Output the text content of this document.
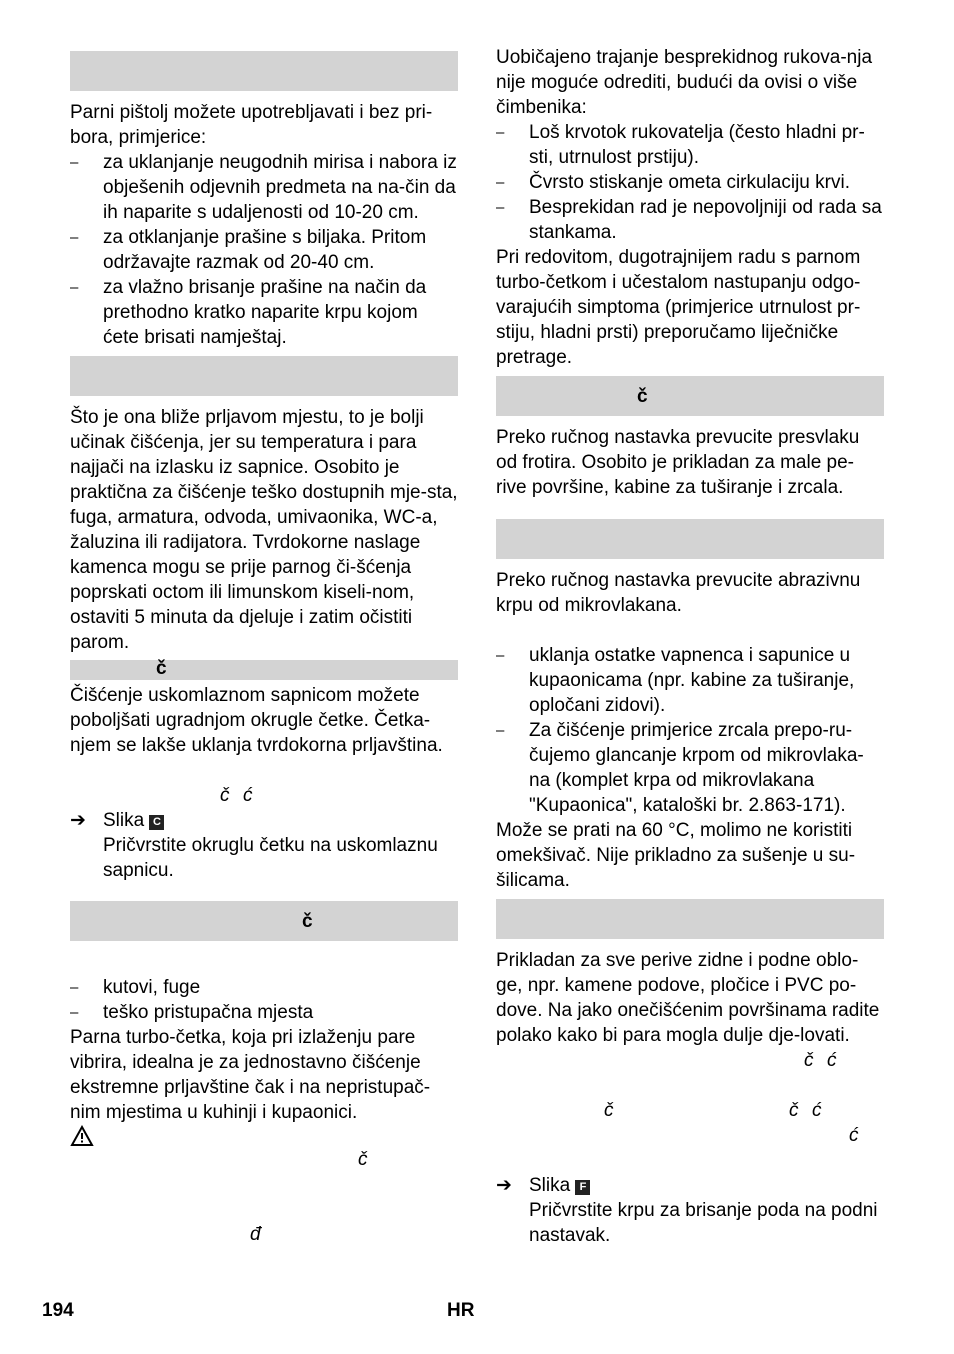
Parni pištolj možete upotrebljavati i bez pri-bora, primjerice:

–	za uklanjanje neugodnih mirisa i nabora iz obješenih odjevnih predmeta na na-čin da ih naparite s udaljenosti od 10-20 cm.
–	za otklanjanje prašine s biljaka. Pritom održavajte razmak od 20-40 cm.
–	za vlažno brisanje prašine na način da prethodno kratko naparite krpu kojom ćete brisati namještaj.

Što je ona bliže prljavom mjestu, to je bolji učinak čišćenja, jer su temperatura i para najjači na izlasku iz sapnice. Osobito je praktična za čišćenje teško dostupnih mje-sta, fuga, armatura, odvoda, umivaonika, WC-a, žaluzina ili radijatora. Tvrdokorne naslage kamenca mogu se prije parnog či-šćenja poprskati octom ili limunskom kiseli-nom, ostaviti 5 minuta da djeluje i zatim očistiti parom.

č

Čišćenje uskomlaznom sapnicom možete poboljšati ugradnjom okrugle četke. Četka-njem se lakše uklanja tvrdokorna prljavština.

č ć
➔ Slika C

Pričvrstite okruglu četku na uskomlaznu sapnicu.

č
–	kutovi, fuge
–	teško pristupačna mjesta

Parna turbo-četka, koja pri izlaženju pare vibrira, idealna je za jednostavno čišćenje ekstremne prljavštine čak i na nepristupač-nim mjestima u kuhinji i kupaonici.

č
đ

Uobičajeno trajanje besprekidnog rukova-nja nije moguće odrediti, budući da ovisi o više čimbenika:

–	Loš krvotok rukovatelja (često hladni pr-sti, utrnulost prstiju).
–	Čvrsto stiskanje ometa cirkulaciju krvi.
–	Besprekidan rad je nepovoljniji od rada sa stankama.

Pri redovitom, dugotrajnijem radu s parnom turbo-četkom i učestalom nastupanju odgo-varajućih simptoma (primjerice utrnulost pr-stiju, hladni prsti) preporučamo liječničke pretrage.

č

Preko ručnog nastavka prevucite presvlaku od frotira. Osobito je prikladan za male pe-rive površine, kabine za tuširanje i zrcala.

Preko ručnog nastavka prevucite abrazivnu krpu od mikrovlakana.

–	uklanja ostatke vapnenca i sapunice u kupaonicama (npr. kabine za tuširanje, opločani zidovi).
–	Za čišćenje primjerice zrcala prepo-ru-čujemo glancanje krpom od mikrovlaka-na (komplet krpa od mikrovlakana "Kupaonica", kataloški br. 2.863-171).

Može se prati na 60 °C, molimo ne koristiti omekšivač. Nije prikladno za sušenje u su-šilicama.

Prikladan za sve perive zidne i podne oblo-ge, npr. kamene podove, pločice i PVC po-dove. Na jako onečišćenim površinama radite polako kako bi para mogla dulje dje-lovati.

č ć
č	č ć
ć
➔ Slika F

Pričvrstite krpu za brisanje poda na podni nastavak.

194	HR
